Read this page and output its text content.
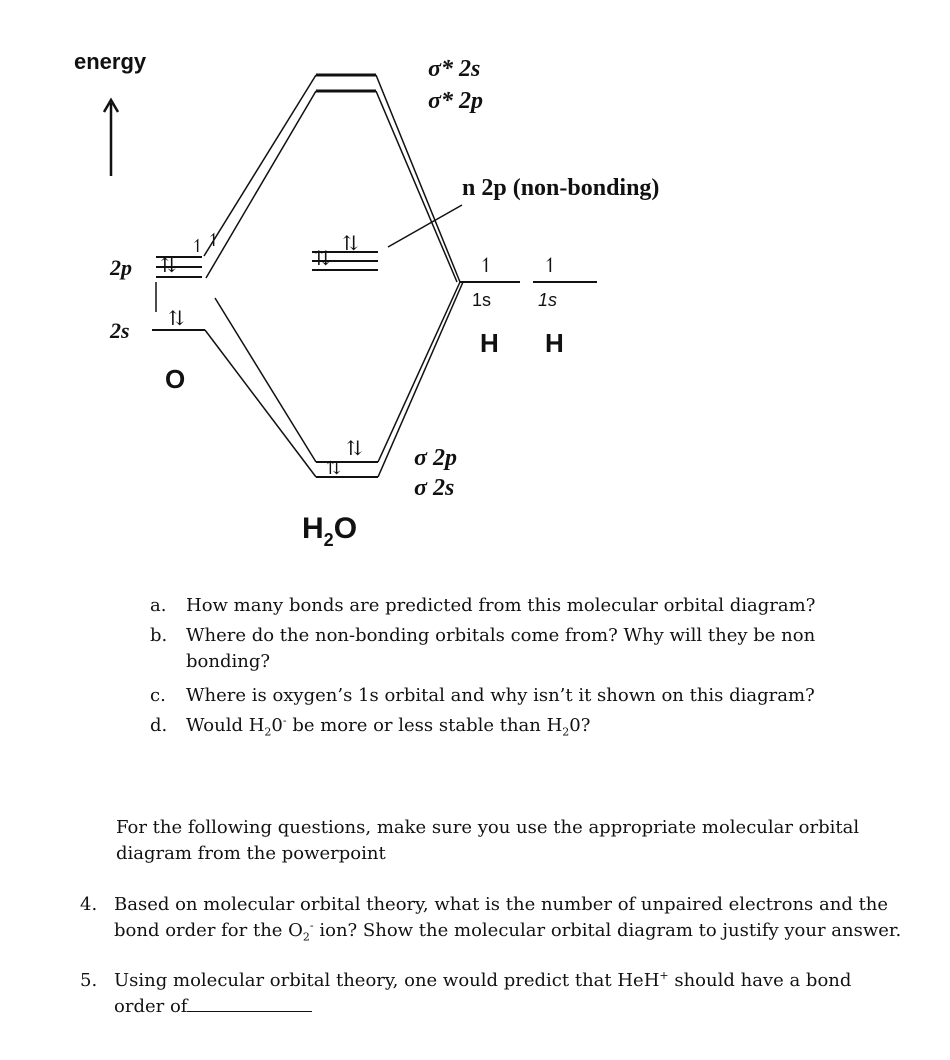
energy
⇅
↿ ↿
2p
⇅
2s
O
σ* 2s
σ* 2p
⇅
⇅
n 2p (non-bonding)
↿ ↿
1s	1s
H H
⇅
⇅	σ 2p
σ 2s
$H_2O$
a.	How many bonds are predicted from this molecular orbital diagram?
b.	Where do the non-bonding orbitals come from? Why will they be non bonding?
c.	Where is oxygen’s 1s orbital and why isn’t it shown on this diagram?
d.	Would $H_20^-$ be more or less stable than $H_20$?
For the following questions, make sure you use the appropriate molecular orbital diagram from the powerpoint
4. Based on molecular orbital theory, what is the number of unpaired electrons and the bond order for the $O_2^-$ ion? Show the molecular orbital diagram to justify your answer.
5. Using molecular orbital theory, one would predict that HeH+ should have a bond order of
